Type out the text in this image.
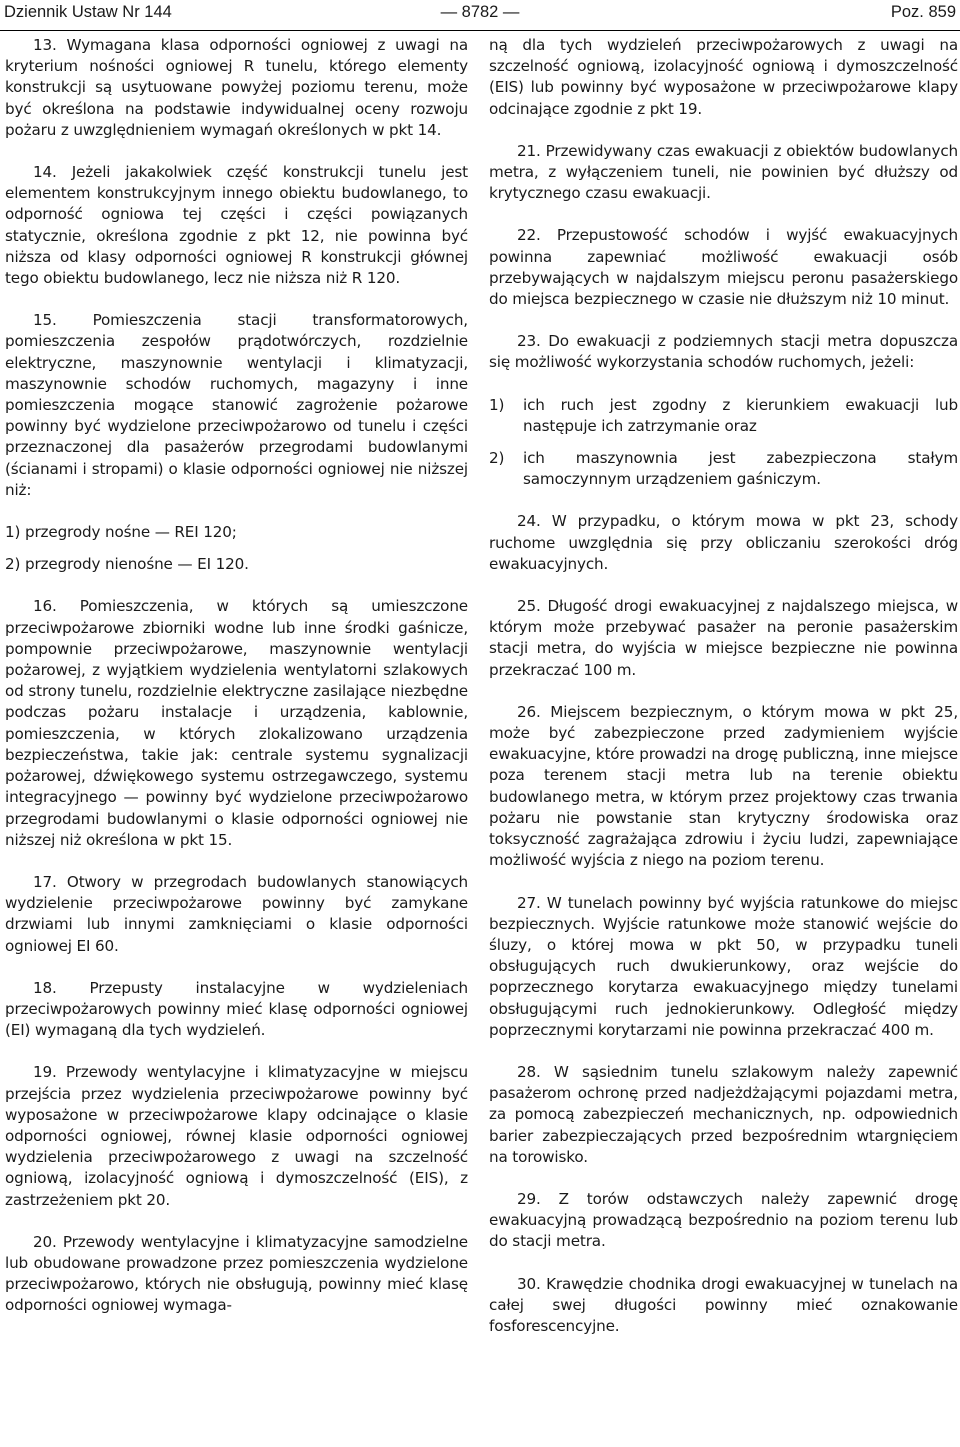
Dziennik Ustaw Nr 144	— 8782 —	Poz. 859

13. Wymagana klasa odporności ogniowej z uwagi na kryterium nośności ogniowej R tunelu, którego elementy konstrukcji są usytuowane powyżej poziomu terenu, może być określona na podstawie indywidualnej oceny rozwoju pożaru z uwzględnieniem wymagań określonych w pkt 14.

14. Jeżeli jakakolwiek część konstrukcji tunelu jest elementem konstrukcyjnym innego obiektu budowlanego, to odporność ogniowa tej części i części powiązanych statycznie, określona zgodnie z pkt 12, nie powinna być niższa od klasy odporności ogniowej R konstrukcji głównej tego obiektu budowlanego, lecz nie niższa niż R 120.

15. Pomieszczenia stacji transformatorowych, pomieszczenia zespołów prądotwórczych, rozdzielnie elektryczne, maszynownie wentylacji i klimatyzacji, maszynownie schodów ruchomych, magazyny i inne pomieszczenia mogące stanowić zagrożenie pożarowe powinny być wydzielone przeciwpożarowo od tunelu i części przeznaczonej dla pasażerów przegrodami budowlanymi (ścianami i stropami) o klasie odporności ogniowej nie niższej niż:

1) przegrody nośne — REI 120;

2) przegrody nienośne — EI 120.

16. Pomieszczenia, w których są umieszczone przeciwpożarowe zbiorniki wodne lub inne środki gaśnicze, pompownie przeciwpożarowe, maszynownie wentylacji pożarowej, z wyjątkiem wydzielenia wentylatorni szlakowych od strony tunelu, rozdzielnie elektryczne zasilające niezbędne podczas pożaru instalacje i urządzenia, kablownie, pomieszczenia, w których zlokalizowano urządzenia bezpieczeństwa, takie jak: centrale systemu sygnalizacji pożarowej, dźwiękowego systemu ostrzegawczego, systemu integracyjnego — powinny być wydzielone przeciwpożarowo przegrodami budowlanymi o klasie odporności ogniowej nie niższej niż określona w pkt 15.

17. Otwory w przegrodach budowlanych stanowiących wydzielenie przeciwpożarowe powinny być zamykane drzwiami lub innymi zamknięciami o klasie odporności ogniowej EI 60.

18. Przepusty instalacyjne w wydzieleniach przeciwpożarowych powinny mieć klasę odporności ogniowej (EI) wymaganą dla tych wydzieleń.

19. Przewody wentylacyjne i klimatyzacyjne w miejscu przejścia przez wydzielenia przeciwpożarowe powinny być wyposażone w przeciwpożarowe klapy odcinające o klasie odporności ogniowej, równej klasie odporności ogniowej wydzielenia przeciwpożarowego z uwagi na szczelność ogniową, izolacyjność ogniową i dymoszczelność (EIS), z zastrzeżeniem pkt 20.

20. Przewody wentylacyjne i klimatyzacyjne samodzielne lub obudowane prowadzone przez pomieszczenia wydzielone przeciwpożarowo, których nie obsługują, powinny mieć klasę odporności ogniowej wymaga-

ną dla tych wydzieleń przeciwpożarowych z uwagi na szczelność ogniową, izolacyjność ogniową i dymoszczelność (EIS) lub powinny być wyposażone w przeciwpożarowe klapy odcinające zgodnie z pkt 19.

21. Przewidywany czas ewakuacji z obiektów budowlanych metra, z wyłączeniem tuneli, nie powinien być dłuższy od krytycznego czasu ewakuacji.

22. Przepustowość schodów i wyjść ewakuacyjnych powinna zapewniać możliwość ewakuacji osób przebywających w najdalszym miejscu peronu pasażerskiego do miejsca bezpiecznego w czasie nie dłuższym niż 10 minut.

23. Do ewakuacji z podziemnych stacji metra dopuszcza się możliwość wykorzystania schodów ruchomych, jeżeli:

1) ich ruch jest zgodny z kierunkiem ewakuacji lub następuje ich zatrzymanie oraz
2) ich maszynownia jest zabezpieczona stałym samoczynnym urządzeniem gaśniczym.

24. W przypadku, o którym mowa w pkt 23, schody ruchome uwzględnia się przy obliczaniu szerokości dróg ewakuacyjnych.

25. Długość drogi ewakuacyjnej z najdalszego miejsca, w którym może przebywać pasażer na peronie pasażerskim stacji metra, do wyjścia w miejsce bezpieczne nie powinna przekraczać 100 m.

26. Miejscem bezpiecznym, o którym mowa w pkt 25, może być zabezpieczone przed zadymieniem wyjście ewakuacyjne, które prowadzi na drogę publiczną, inne miejsce poza terenem stacji metra lub na terenie obiektu budowlanego metra, w którym przez projektowy czas trwania pożaru nie powstanie stan krytyczny środowiska oraz toksyczność zagrażająca zdrowiu i życiu ludzi, zapewniające możliwość wyjścia z niego na poziom terenu.

27. W tunelach powinny być wyjścia ratunkowe do miejsc bezpiecznych. Wyjście ratunkowe może stanowić wejście do śluzy, o której mowa w pkt 50, w przypadku tuneli obsługujących ruch dwukierunkowy, oraz wejście do poprzecznego korytarza ewakuacyjnego między tunelami obsługującymi ruch jednokierunkowy. Odległość między poprzecznymi korytarzami nie powinna przekraczać 400 m.

28. W sąsiednim tunelu szlakowym należy zapewnić pasażerom ochronę przed nadjeżdżającymi pojazdami metra, za pomocą zabezpieczeń mechanicznych, np. odpowiednich barier zabezpieczających przed bezpośrednim wtargnięciem na torowisko.

29. Z torów odstawczych należy zapewnić drogę ewakuacyjną prowadzącą bezpośrednio na poziom terenu lub do stacji metra.

30. Krawędzie chodnika drogi ewakuacyjnej w tunelach na całej swej długości powinny mieć oznakowanie fosforescencyjne.
